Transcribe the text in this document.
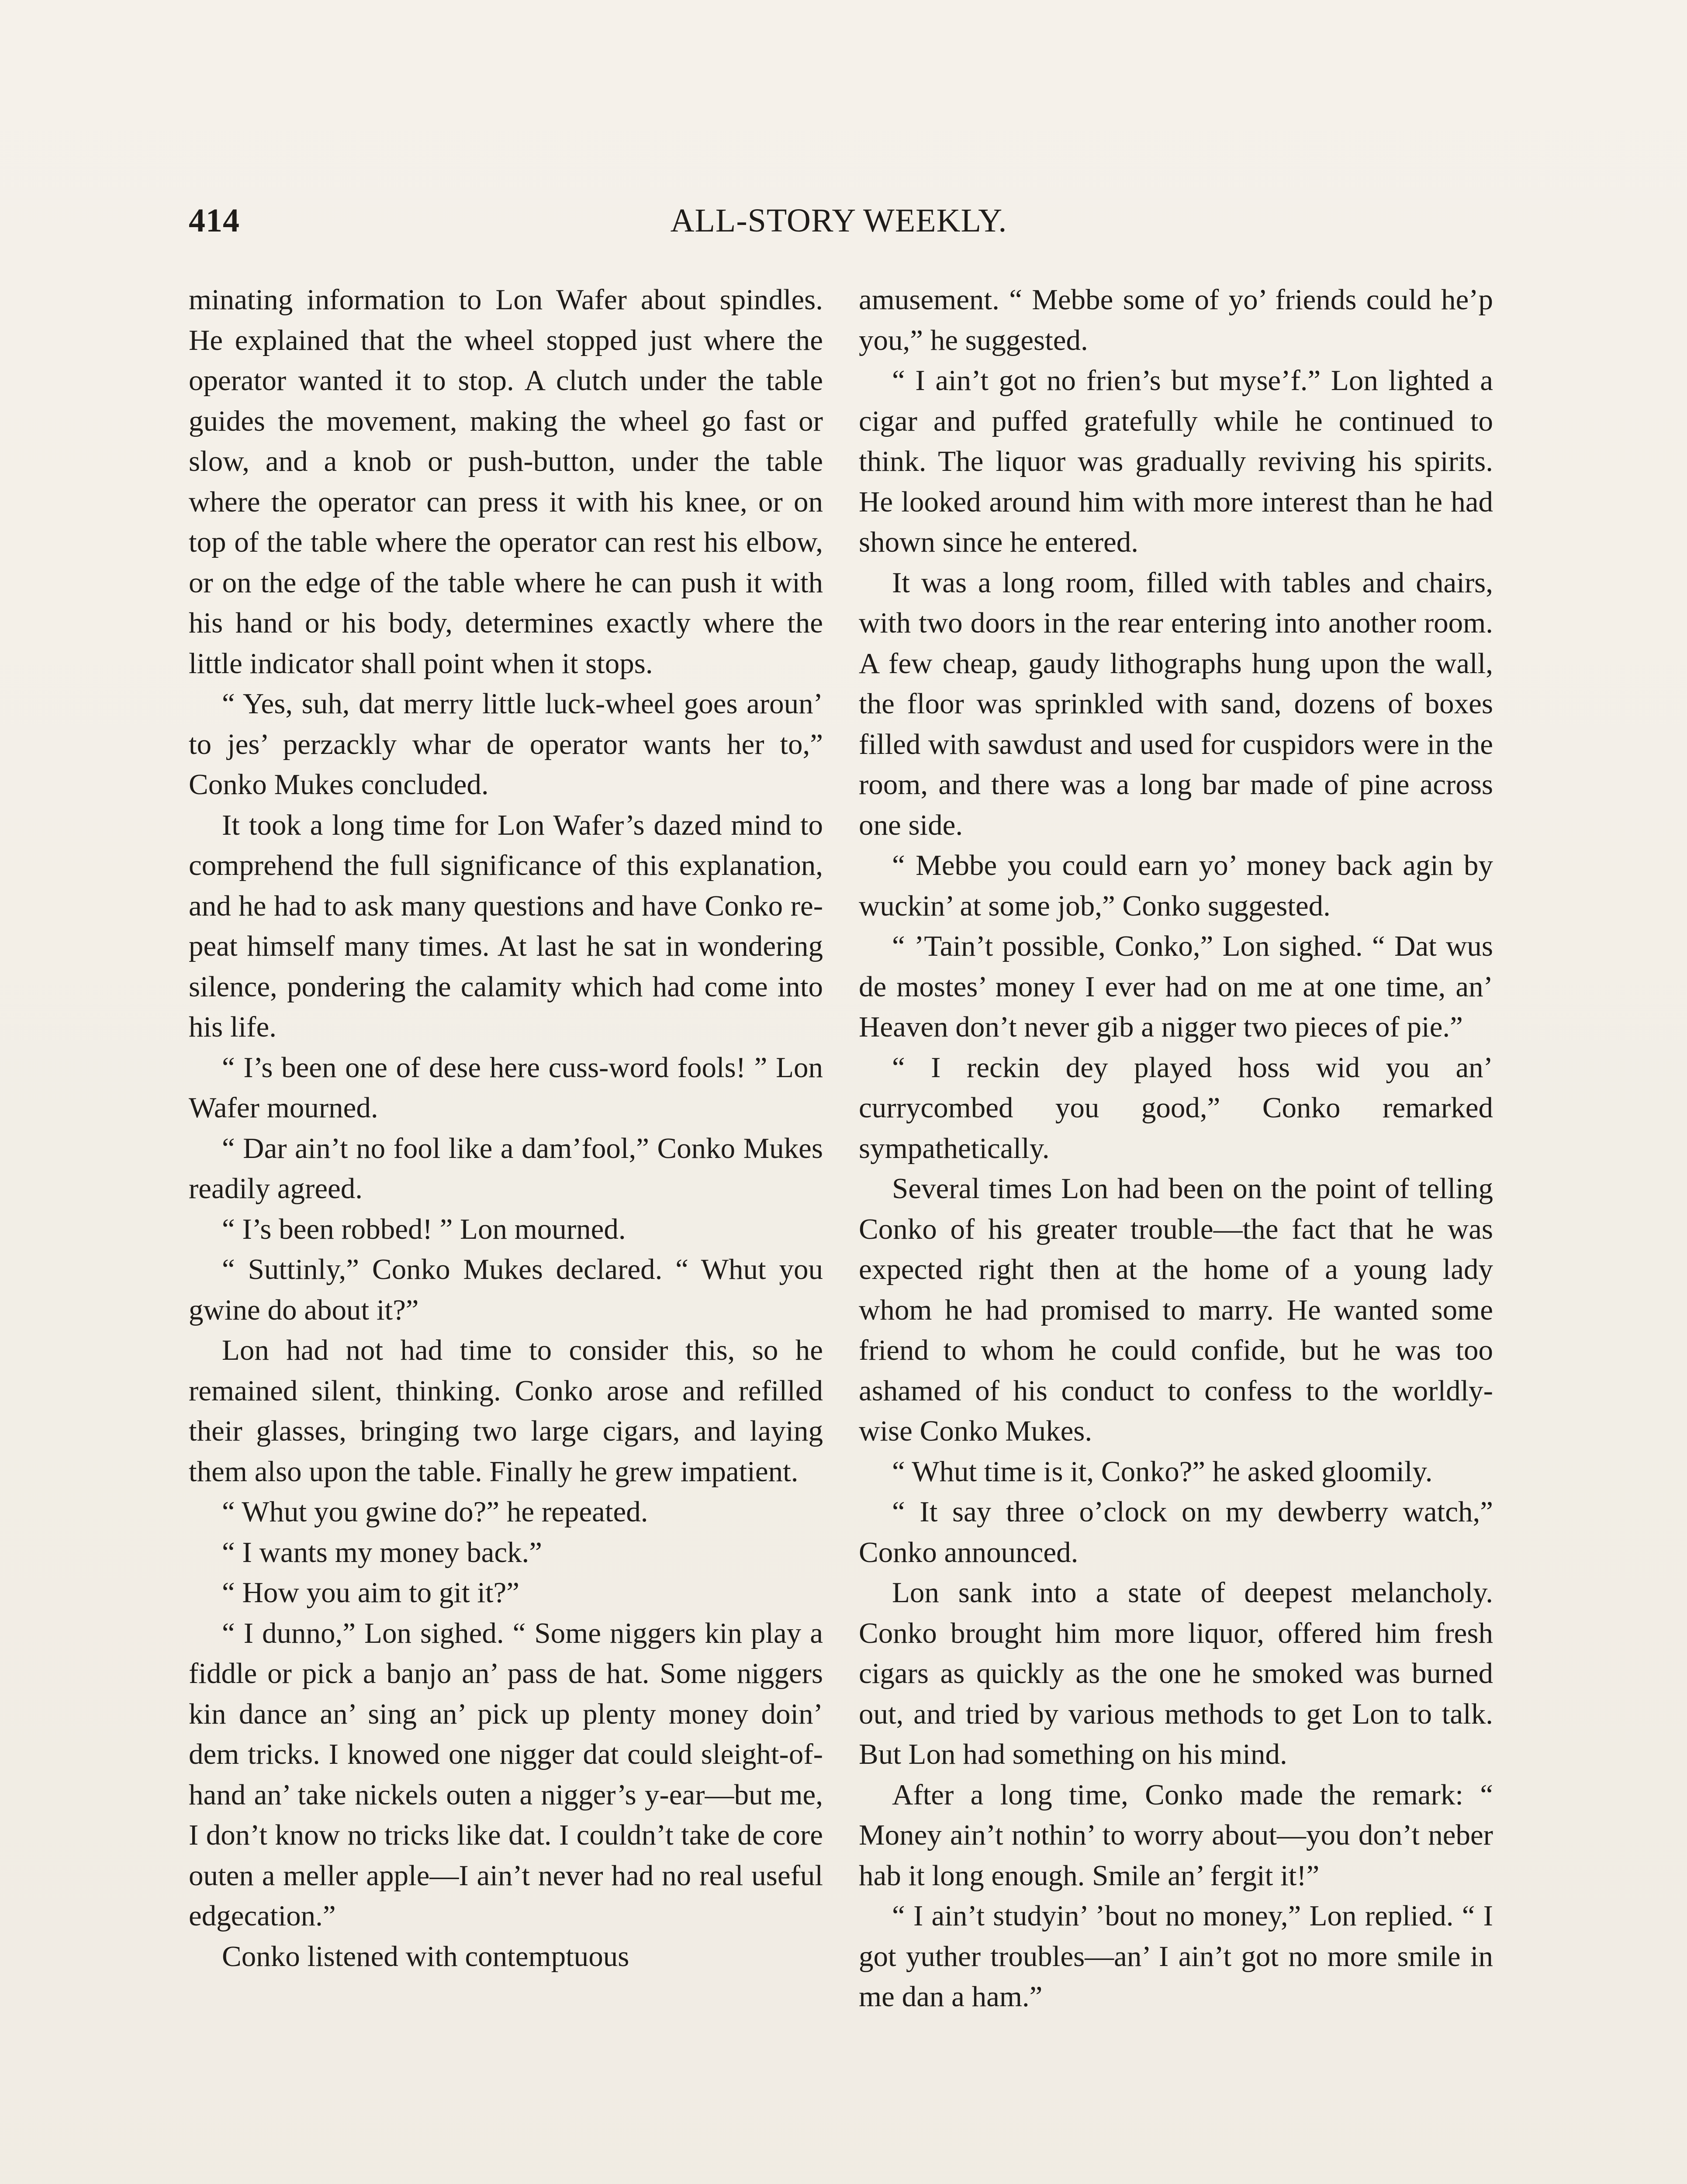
414	ALL-STORY WEEKLY.

minating information to Lon Wafer about spindles. He explained that the wheel stopped just where the operator wanted it to stop. A clutch under the table guides the movement, making the wheel go fast or slow, and a knob or push-button, under the table where the operator can press it with his knee, or on top of the table where the operator can rest his elbow, or on the edge of the table where he can push it with his hand or his body, determines exactly where the little indicator shall point when it stops.

“ Yes, suh, dat merry little luck-wheel goes aroun’ to jes’ perzackly whar de operator wants her to,” Conko Mukes concluded.

It took a long time for Lon Wafer’s dazed mind to comprehend the full significance of this explanation, and he had to ask many questions and have Conko repeat himself many times. At last he sat in wondering silence, pondering the calamity which had come into his life.

“ I’s been one of dese here cuss-word fools! ” Lon Wafer mourned.

“ Dar ain’t no fool like a dam’fool,” Conko Mukes readily agreed.

“ I’s been robbed! ” Lon mourned.

“ Suttinly,” Conko Mukes declared. “ Whut you gwine do about it?”

Lon had not had time to consider this, so he remained silent, thinking. Conko arose and refilled their glasses, bringing two large cigars, and laying them also upon the table. Finally he grew impatient.

“ Whut you gwine do?” he repeated.

“ I wants my money back.”

“ How you aim to git it?”

“ I dunno,” Lon sighed. “ Some niggers kin play a fiddle or pick a banjo an’ pass de hat. Some niggers kin dance an’ sing an’ pick up plenty money doin’ dem tricks. I knowed one nigger dat could sleight-of-hand an’ take nickels outen a nigger’s y-ear—but me, I don’t know no tricks like dat. I couldn’t take de core outen a meller apple—I ain’t never had no real useful edgecation.”

Conko listened with contemptuous

amusement. “ Mebbe some of yo’ friends could he’p you,” he suggested.

“ I ain’t got no frien’s but myse’f.” Lon lighted a cigar and puffed gratefully while he continued to think. The liquor was gradually reviving his spirits. He looked around him with more interest than he had shown since he entered.

It was a long room, filled with tables and chairs, with two doors in the rear entering into another room. A few cheap, gaudy lithographs hung upon the wall, the floor was sprinkled with sand, dozens of boxes filled with sawdust and used for cuspidors were in the room, and there was a long bar made of pine across one side.

“ Mebbe you could earn yo’ money back agin by wuckin’ at some job,” Conko suggested.

“ ’Tain’t possible, Conko,” Lon sighed. “ Dat wus de mostes’ money I ever had on me at one time, an’ Heaven don’t never gib a nigger two pieces of pie.”

“ I reckin dey played hoss wid you an’ currycombed you good,” Conko remarked sympathetically.

Several times Lon had been on the point of telling Conko of his greater trouble—the fact that he was expected right then at the home of a young lady whom he had promised to marry. He wanted some friend to whom he could confide, but he was too ashamed of his conduct to confess to the worldly-wise Conko Mukes.

“ Whut time is it, Conko?” he asked gloomily.

“ It say three o’clock on my dewberry watch,” Conko announced.

Lon sank into a state of deepest melancholy. Conko brought him more liquor, offered him fresh cigars as quickly as the one he smoked was burned out, and tried by various methods to get Lon to talk. But Lon had something on his mind.

After a long time, Conko made the remark: “ Money ain’t nothin’ to worry about—you don’t neber hab it long enough. Smile an’ fergit it!”

“ I ain’t studyin’ ’bout no money,” Lon replied. “ I got yuther troubles—an’ I ain’t got no more smile in me dan a ham.”
